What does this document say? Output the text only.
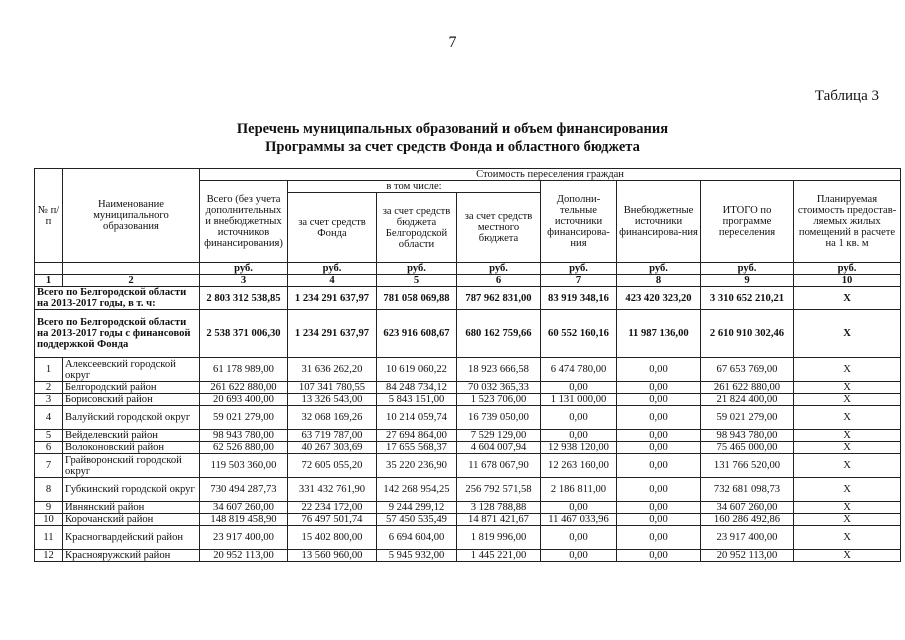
7
Таблица 3
Перечень муниципальных образований и объем финансирования
Программы за счет средств Фонда и областного бюджета
№ п/п	Наименование муниципального образования	Стоимость переселения граждан							
		Всего (без учета дополнительных и внебюджетных источников финансирования)	в том числе:			Дополни-тельные источники финансирова-ния	Внебюджетные источники финансирова-ния	ИТОГО по программе переселения	Планируемая стоимость предостав-ляемых жилых помещений в расчете на 1 кв. м
			за счет средств Фонда	за счет средств бюджета Белгородской области	за счет средств местного бюджета				
		руб.	руб.	руб.	руб.	руб.	руб.	руб.	руб.
1	2	3	4	5	6	7	8	9	10
Всего по Белгородской области на 2013-2017 годы, в т. ч:		2 803 312 538,85	1 234 291 637,97	781 058 069,88	787 962 831,00	83 919 348,16	423 420 323,20	3 310 652 210,21	Х
Всего по Белгородской области на 2013-2017 годы с финансовой поддержкой Фонда		2 538 371 006,30	1 234 291 637,97	623 916 608,67	680 162 759,66	60 552 160,16	11 987 136,00	2 610 910 302,46	Х
1	Алексеевский городской округ	61 178 989,00	31 636 262,20	10 619 060,22	18 923 666,58	6 474 780,00	0,00	67 653 769,00	Х
2	Белгородский район	261 622 880,00	107 341 780,55	84 248 734,12	70 032 365,33	0,00	0,00	261 622 880,00	Х
3	Борисовский район	20 693 400,00	13 326 543,00	5 843 151,00	1 523 706,00	1 131 000,00	0,00	21 824 400,00	Х
4	Валуйский городской округ	59 021 279,00	32 068 169,26	10 214 059,74	16 739 050,00	0,00	0,00	59 021 279,00	Х
5	Вейделевский район	98 943 780,00	63 719 787,00	27 694 864,00	7 529 129,00	0,00	0,00	98 943 780,00	Х
6	Волоконовский район	62 526 880,00	40 267 303,69	17 655 568,37	4 604 007,94	12 938 120,00	0,00	75 465 000,00	Х
7	Грайворонский городской округ	119 503 360,00	72 605 055,20	35 220 236,90	11 678 067,90	12 263 160,00	0,00	131 766 520,00	Х
8	Губкинский городской округ	730 494 287,73	331 432 761,90	142 268 954,25	256 792 571,58	2 186 811,00	0,00	732 681 098,73	Х
9	Ивнянский район	34 607 260,00	22 234 172,00	9 244 299,12	3 128 788,88	0,00	0,00	34 607 260,00	Х
10	Корочанский район	148 819 458,90	76 497 501,74	57 450 535,49	14 871 421,67	11 467 033,96	0,00	160 286 492,86	Х
11	Красногвардейский район	23 917 400,00	15 402 800,00	6 694 604,00	1 819 996,00	0,00	0,00	23 917 400,00	Х
12	Краснояружский район	20 952 113,00	13 560 960,00	5 945 932,00	1 445 221,00	0,00	0,00	20 952 113,00	Х
